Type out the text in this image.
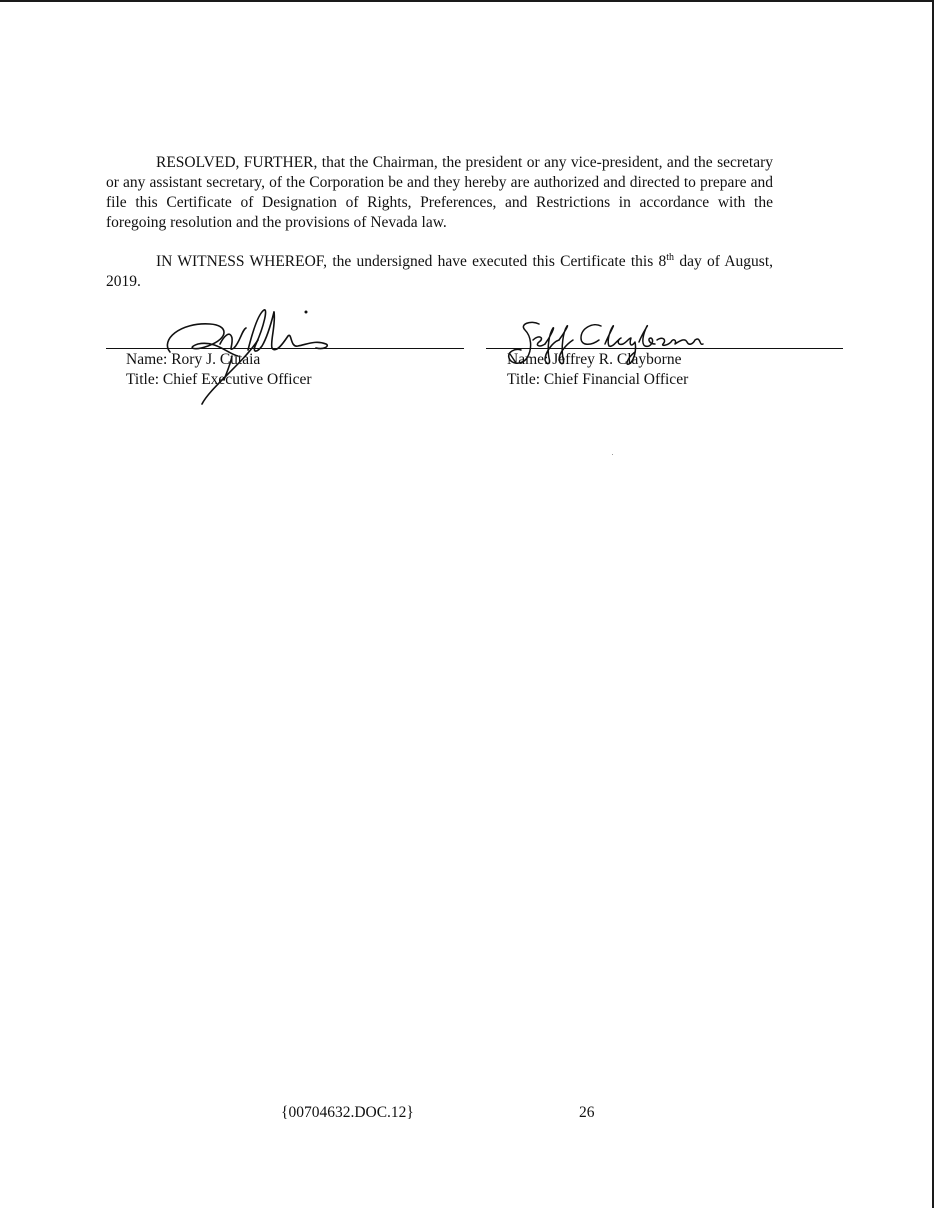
RESOLVED, FURTHER, that the Chairman, the president or any vice-president, and the secretary or any assistant secretary, of the Corporation be and they hereby are authorized and directed to prepare and file this Certificate of Designation of Rights, Preferences, and Restrictions in accordance with the foregoing resolution and the provisions of Nevada law.

IN WITNESS WHEREOF, the undersigned have executed this Certificate this 8th day of August, 2019.

Name: Rory J. Cutaia
Title: Chief Executive Officer
Name: Jeffrey R. Clayborne
Title: Chief Financial Officer
{00704632.DOC.12}	26
